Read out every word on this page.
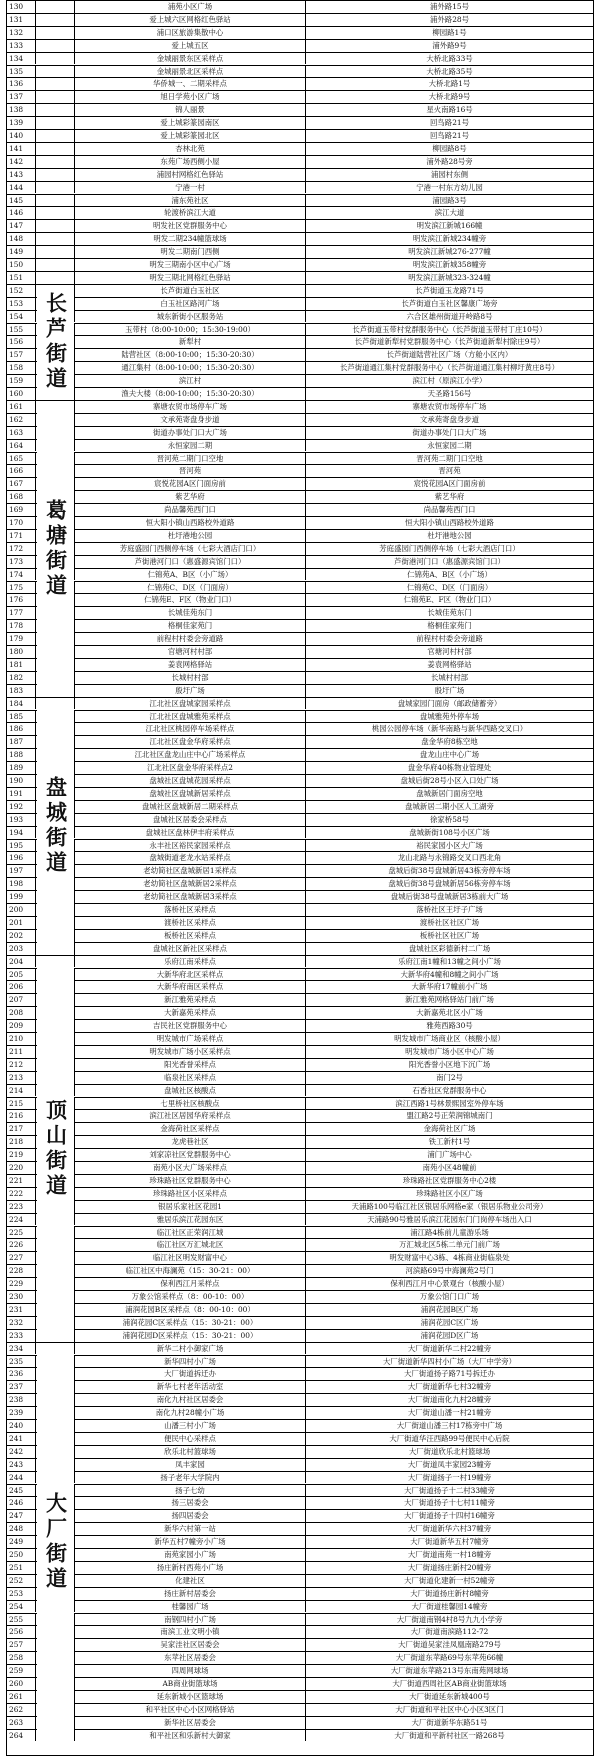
130	浦苑小区广场	浦外路15号
131	爱上城六区网格红色驿站	浦外路28号
132	浦口区旅游集散中心	柳园路1号
133	爱上城五区	浦外路9号
134	金城丽景东区采样点	大桥北路33号
135	金城丽景北区采样点	大桥北路35号
136	华侨城一、二期采样点	大桥北路1号
137	旭日学苑小区广场	大桥北路9号
138	锦人丽景	星火南路16号
139	爱上城彩篆园南区	回鸟路21号
140	爱上城彩篆园北区	回鸟路21号
141	杏林北苑	柳园路8号
142	东苑广场西侧小屋	浦外路28号旁
143	浦园村网格红色驿站	浦园村东侧
144	宁港一村	宁港一村东方幼儿园
145	浦东苑社区	浦园路3号
146	轮渡桥滨江大道	滨江大道
147	明发社区党群服务中心	明发滨江新城166幢
148	明发二期234幢篮球场	明发滨江新城234幢旁
149	明发二期南门西侧	明发滨江新城276-277幢
150	明发三期南小区中心广场	明发滨江新城358幢旁
151	明发三期北网格红色驿站	明发滨江新城323-324幢
152	长芦街道白玉社区	长芦街道玉龙路71号
153	白玉社区路河广场	长芦街道白玉社区馨康广场旁
154	城东新街小区服务站	六合区雄州街道开岭路8号
155	玉带村（8:00-10:00；15:30-19:00）	长芦街道玉带村党群服务中心（长芦街道玉带村丁庄10号）
156	新犁村	长芦街道新犁村党群服务中心（长芦街道新犁村除庄9号）
157	陆营社区（8:00-10:00；15:30-20:30）	长芦街道陆营社区广场（方舱小区内）
158	通江集村（8:00-10:00；15:30-20:30）	长芦街道通江集村党群服务中心（长芦街道通江集村柳圩黄庄8号）
159	滨江村	滨江村（原滨江小学）
160	渔夫大楼（8:00-10:00；15:30-20:30）	天圣路156号
161	寨塘农贸市场停车广场	寨塘农贸市场停车广场
162	文承苑寄盘身步道	文承苑寄盘身步道
163	街道办事处门口大广场	街道办事处门口大广场
164	永恒家园二期	永恒家园二期
165	晋河苑二期门口空地	晋河苑二期门口空地
166	晋河苑	晋河苑
167	宸悦花园A区门面房前	宸悦花园A区门面房前
168	紫艺华府	紫艺华府
169	尚品馨苑西门口	尚品馨苑西门口
170	恒大阳小镇山西路校外道路	恒大阳小镇山西路校外道路
171	杜圩港地公园	杜圩港地公园
172	芳庭盛园门西侧停车场（七彩大酒店门口）	芳庭盛园门西侧停车场（七彩大酒店门口）
173	芦街港河门口（惠盛源宾馆门口）	芦街港河门口（惠盛源宾馆门口）
174	仁锦苑A、B区（小广场）	仁锦苑A、B区（小广场）
175	仁锦苑C、D区（门面房）	仁锦苑C、D区（门面房）
176	仁锦苑E、F区（物业门口）	仁锦苑E、F区（物业门口）
177	长城佳苑东门	长城佳苑东门
178	格桐佳家苑门	格桐佳家苑门
179	前程村村委会旁道路	前程村村委会旁道路
180	官塘河村村部	官塘河村村部
181	姜袁网格驿站	姜袁网格驿站
182	长城村村部	长城村村部
183	殷圩广场	殷圩广场
184	江北社区盘城家园采样点	盘城家园门面房（邮政储蓄旁）
185	江北社区盘城雅苑采样点	盘城雅苑外停车场
186	江北社区桃园停车场采样点	桃园公园停车场（新华南路与新华西路交叉口）
187	江北社区盘金华府采样点	盘金华府8栋空地
188	江北社区盘龙山庄中心广场采样点	盘龙山庄中心广场
189	江北社区盘金华府采样点2	盘金华府40栋物业管理处
190	盘城社区盘城花园采样点	盘城后街28号小区入口处广场
191	盘城社区盘城新居采样点	盘城新居门面房空地
192	盘城社区盘城新居二期采样点	盘城新居二期小区人工湖旁
193	盘城社区居委会采样点	徐家桥58号
194	盘城社区盘林伊丰府采样点	盘城新街108号小区广场
195	永丰社区裕民家园采样点	裕民家园小区大广场
196	盘城街道老龙水站采样点	龙山北路与永锦路交叉口西北角
197	老幼简社区盘城新居1采样点	盘城后街38号盘城新居43栋旁停车场
198	老幼简社区盘城新居2采样点	盘城后街38号盘城新居56栋旁停车场
199	老幼简社区盘城新居3采样点	盘城后街38号盘城新居3栋前大广场
200	落桥社区采样点	落桥社区王圩子广场
201	渡桥社区采样点	渡桥社区社区广场
202	板桥社区采样点	板桥社区社区广场
203	盘城社区新社区采样点	盘城社区彩德新村二广场
204	乐府江南采样点	乐府江南1幢和13幢之间小广场
205	大新华府北区采样点	大新华府4幢和8幢之间小广场
206	大新华府南区采样点	大新华府17幢前小广场
207	新江雅苑采样点	新江雅苑网格驿站门前广场
208	大新嘉苑采样点	大新嘉苑北区小广场
209	吉民社区党群服务中心	雅苑西路30号
210	明发城市广场采样点	明发城市广场商业区（核酸小屋）
211	明发城市广场小区采样点	明发城市广场小区中心广场
212	阳光香誉采样点	阳光香誉小区地下沉广场
213	临泉社区采样点	南门2号
214	盘城社区核酸点	石香社区党群服务中心
215	七里桥社区核酸点	滨江西路1号林景熙园室外停车场
216	滨江社区居园华府采样点	盟江路2号正荣润锦城南门
217	金海荷社区采样点	金海荷社区广场
218	龙虎巷社区	铁工新村1号
219	刘家凉社区党群服务中心	浦门广场中心
220	南苑小区大广场采样点	南苑小区48幢前
221	珍珠路社区党群服务中心	珍珠路社区党群服务中心2楼
222	珍珠路社区小区采样点	珍珠路社区小区广场
223	银居乐家社区花园1	天浦路100号临江社区银居乐网格e家（银居乐物业公司旁）
224	雅居乐滨江花园东区	天浦路90号雅居乐滨江花园东门门岗停车场出入口
225	临江社区正荣润江城	浦江路4栋前儿童游乐场
226	临江社区万汇城北区	万汇城北区5栋二单元门前广场
227	临江社区明发财富中心	明发财富中心3栋、4栋商业街临泉处
228	临江社区中海澜苑（15：30-21：00）	河滨路69号中海澜苑2号门
229	保利西江月采样点	保利西江月中心景观台（核酸小屋）
230	万象公馆采样点（8：00-10：00）	万象公馆门口广场
231	浦润花园B区采样点（8：00-10：00）	浦润花园B区广场
232	浦润花园C区采样点（15：30-21：00）	浦润花园C区广场
233	浦润花园D区采样点（15：30-21：00）	浦润花园D区广场
234	新华二村小御家广场	大厂街道新华二村22幢旁
235	新华四村小广场	大厂街道新华四村小广场（大厂中学旁）
236	大厂街道拆迁办	大厂街道扬子路71号拆迁办
237	新华七村老年活动室	大厂街道新华七村32幢旁
238	南化九村社区居委会	大厂街道南化九村28幢旁
239	南化九村28幢小广场	大厂街道山潘一村21幢旁
240	山潘三村小广场	大厂街道山潘三村17栋旁中广场
241	便民中心采样点	大厂街道华汪西路99号便民中心后院
242	欣乐北村篮球场	大厂街道欣乐北村篮球场
243	凤丰家园	大厂街道凤丰家园23幢旁
244	扬子老年大学院内	大厂街道扬子一村19幢旁
245	扬子七幼	大厂街道扬子十二村33幢旁
246	扬三居委会	大厂街道扬子十七村11幢旁
247	扬四居委会	大厂街道扬子十四村16幢旁
248	新华六村第一站	大厂街道新华六村37幢旁
249	新华五村7幢旁小广场	大厂街道新华五村7幢旁
250	南苑家园小广场	大厂街道南苑一村18幢旁
251	扬庄新村西苑小广场	大厂街道扬庄新村20幢旁
252	化建社区	大厂街道化建新一村52幢旁
253	扬庄新村居委会	大厂街道扬庄新村8幢旁
254	桂馨园广场	大厂街道桂馨园14幢旁
255	南钢四村小广场	大厂街道南钢4村8号九九小学旁
256	南滨工业文明小镇	大厂街道南滨路112-72
257	吴家洼社区居委会	大厂街道吴家洼凤凰南路279号
258	东苹社区居委会	大厂街道东苹路69号东苹苑66幢
259	四周网球场	大厂街道东苹路213号东南苑网球场
260	AB商业街篮球场	大厂街道西周社区AB商业街篮球场
261	延东新城小区篮球场	大厂街道延东新城400号
262	和平社区中心小区网格驿站	大厂街道和平社区中心小区3区门
263	新华社区居委会	大厂街道新华东路51号
264	和平社区和乐新村大御家	大厂街道和平新村社区一路268号
长芦街道
葛塘街道
盘城街道
顶山街道
大厂街道
